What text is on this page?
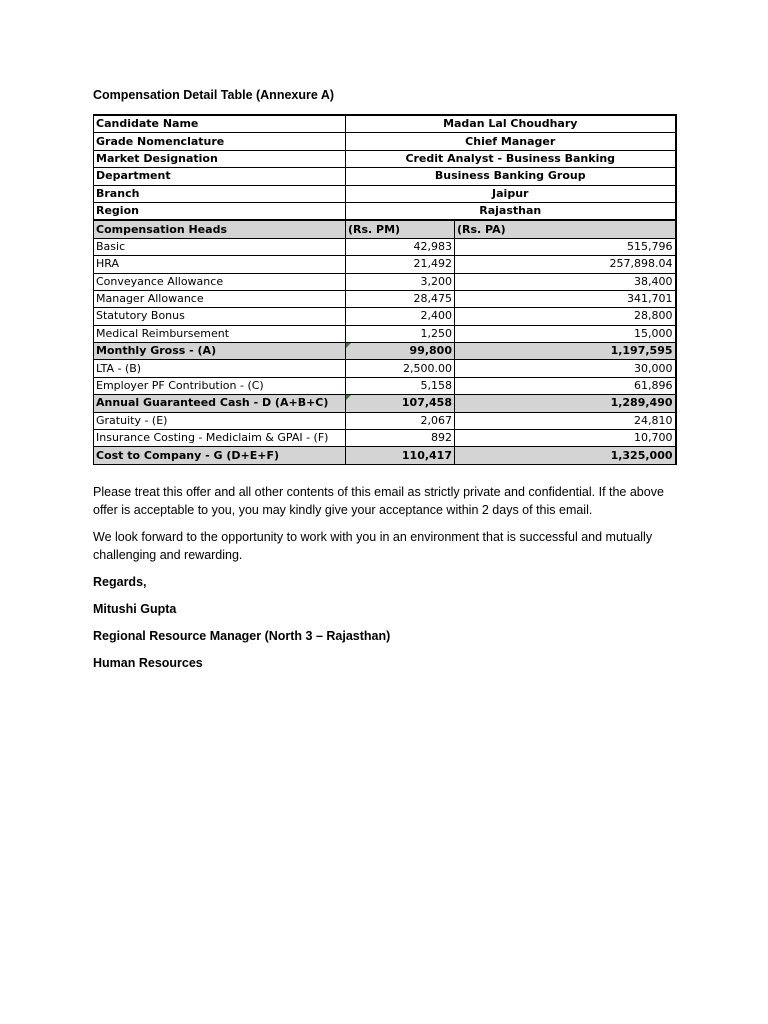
Compensation Detail Table (Annexure A)
Candidate Name	Madan Lal Choudhary	
Grade Nomenclature	Chief Manager	
Market Designation	Credit Analyst - Business Banking	
Department	Business Banking Group	
Branch	Jaipur	
Region	Rajasthan	
Compensation Heads	(Rs. PM)	(Rs. PA)
Basic	42,983	515,796
HRA	21,492	257,898.04
Conveyance Allowance	3,200	38,400
Manager Allowance	28,475	341,701
Statutory Bonus	2,400	28,800
Medical Reimbursement	1,250	15,000
Monthly Gross - (A)	99,800	1,197,595
LTA - (B)	2,500.00	30,000
Employer PF Contribution - (C)	5,158	61,896
Annual Guaranteed Cash - D (A+B+C)	107,458	1,289,490
Gratuity - (E)	2,067	24,810
Insurance Costing - Mediclaim & GPAI - (F)	892	10,700
Cost to Company - G (D+E+F)	110,417	1,325,000

Please treat this offer and all other contents of this email as strictly private and confidential. If the above offer is acceptable to you, you may kindly give your acceptance within 2 days of this email.

We look forward to the opportunity to work with you in an environment that is successful and mutually challenging and rewarding.

Regards,

Mitushi Gupta

Regional Resource Manager (North 3 – Rajasthan)

Human Resources
